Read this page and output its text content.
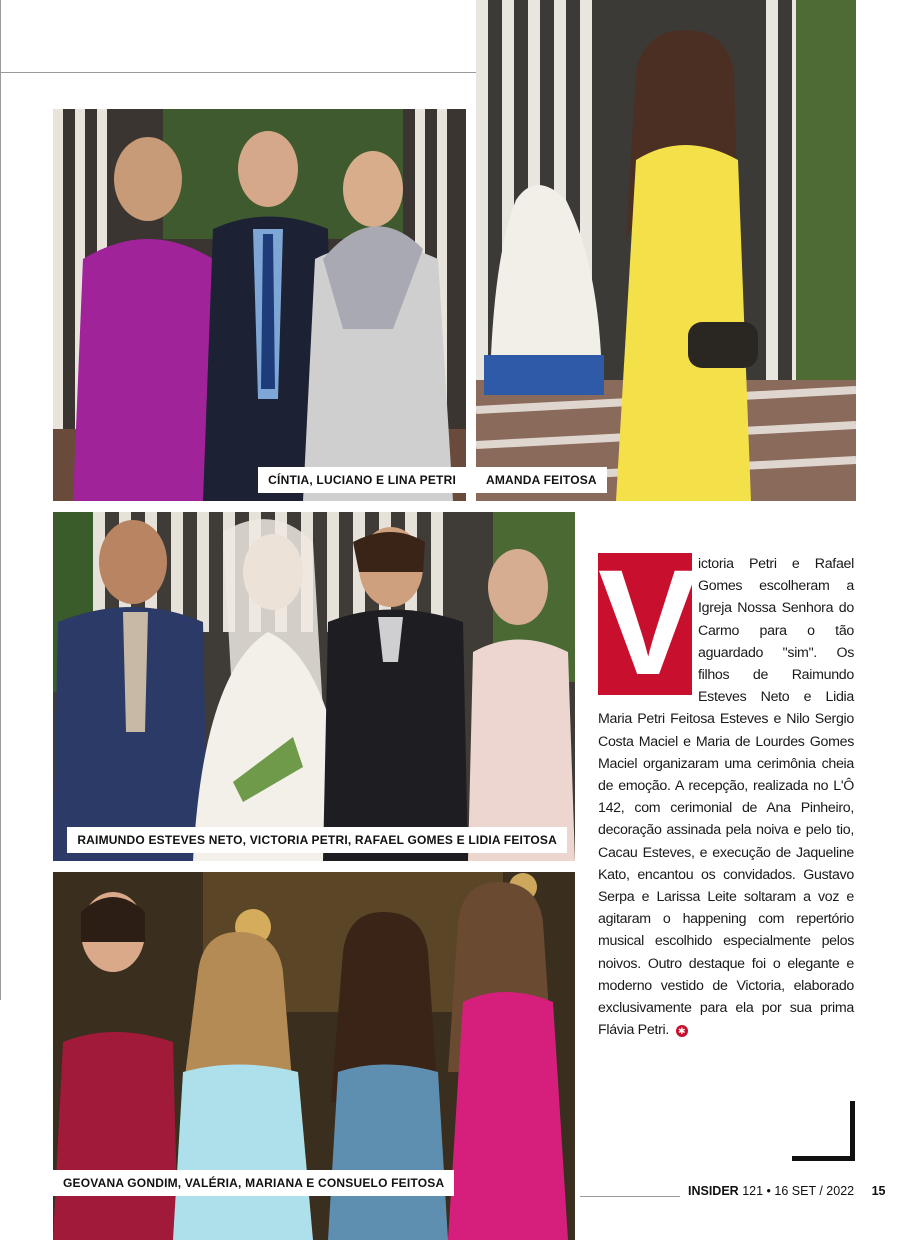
CÍNTIA, LUCIANO E LINA PETRI	AMANDA FEITOSA
RAIMUNDO ESTEVES NETO, VICTORIA PETRI, RAFAEL GOMES E LIDIA FEITOSA
GEOVANA GONDIM, VALÉRIA, MARIANA E CONSUELO FEITOSA
V ictoria Petri e Rafael Gomes escolheram a Igreja Nossa Senhora do Carmo para o tão aguardado "sim". Os filhos de Raimundo Esteves Neto e Lidia Maria Petri Feitosa Esteves e Nilo Sergio Costa Maciel e Maria de Lourdes Gomes Maciel organizaram uma cerimônia cheia de emoção. A recepção, realizada no L'Ô 142, com cerimonial de Ana Pinheiro, decoração assinada pela noiva e pelo tio, Cacau Esteves, e execução de Jaqueline Kato, encantou os convidados. Gustavo Serpa e Larissa Leite soltaram a voz e agitaram o happening com repertório musical escolhido especialmente pelos noivos. Outro destaque foi o elegante e moderno vestido de Victoria, elaborado exclusivamente para ela por sua prima Flávia Petri. ✱
INSIDER 121 • 16 SET / 2022 15
